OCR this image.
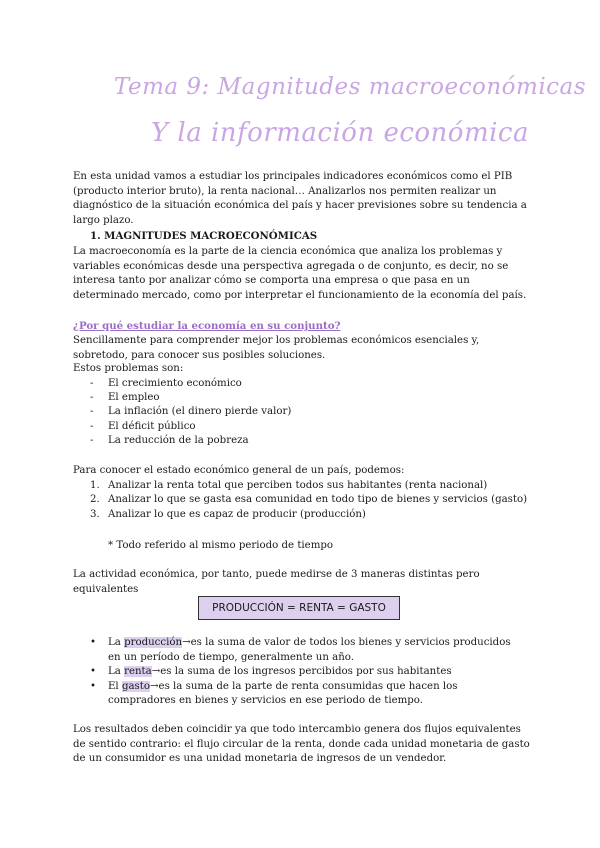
Tema 9: Magnitudes macroeconómicas
Y la información económica
En esta unidad vamos a estudiar los principales indicadores económicos como el PIB (producto interior bruto), la renta nacional… Analizarlos nos permiten realizar un diagnóstico de la situación económica del país y hacer previsiones sobre su tendencia a largo plazo.
1. MAGNITUDES MACROECONÓMICAS
La macroeconomía es la parte de la ciencia económica que analiza los problemas y variables económicas desde una perspectiva agregada o de conjunto, es decir, no se interesa tanto por analizar cómo se comporta una empresa o que pasa en un determinado mercado, como por interpretar el funcionamiento de la economía del país.
¿Por qué estudiar la economía en su conjunto?
Sencillamente para comprender mejor los problemas económicos esenciales y, sobretodo, para conocer sus posibles soluciones.
Estos problemas son:
- El crecimiento económico
- El empleo
- La inflación (el dinero pierde valor)
- El déficit público
- La reducción de la pobreza
Para conocer el estado económico general de un país, podemos:
1. Analizar la renta total que perciben todos sus habitantes (renta nacional)
2. Analizar lo que se gasta esa comunidad en todo tipo de bienes y servicios (gasto)
3. Analizar lo que es capaz de producir (producción)
* Todo referido al mismo periodo de tiempo
La actividad económica, por tanto, puede medirse de 3 maneras distintas pero equivalentes
PRODUCCIÓN = RENTA = GASTO
• La producción→es la suma de valor de todos los bienes y servicios producidos en un período de tiempo, generalmente un año.
• La renta→es la suma de los ingresos percibidos por sus habitantes
• El gasto→es la suma de la parte de renta consumidas que hacen los compradores en bienes y servicios en ese periodo de tiempo.
Los resultados deben coincidir ya que todo intercambio genera dos flujos equivalentes de sentido contrario: el flujo circular de la renta, donde cada unidad monetaria de gasto de un consumidor es una unidad monetaria de ingresos de un vendedor.
